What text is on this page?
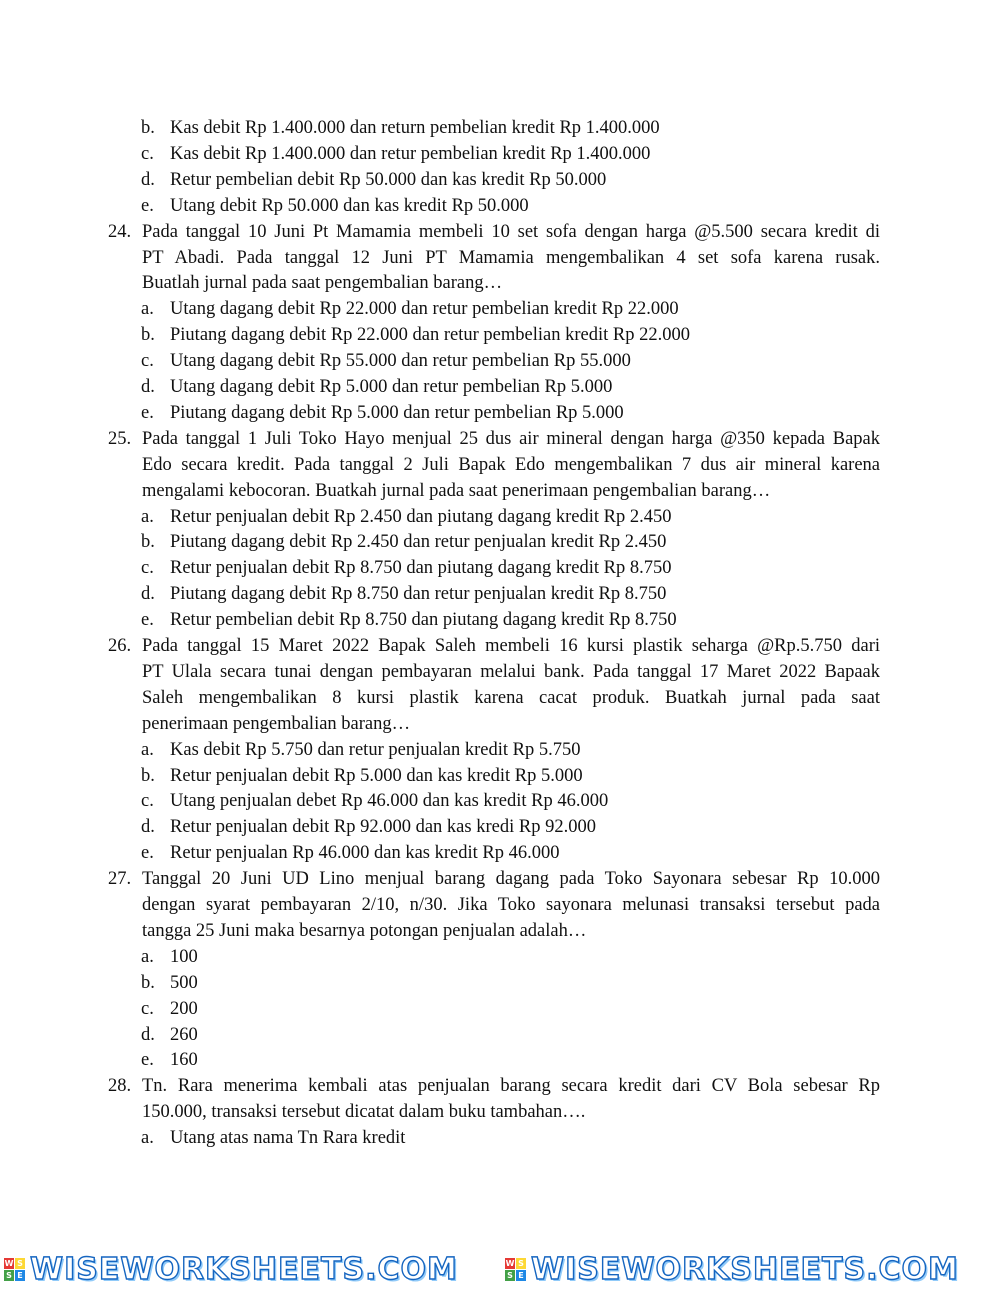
b. Kas debit Rp 1.400.000 dan return pembelian kredit Rp 1.400.000
c. Kas debit Rp 1.400.000 dan retur pembelian kredit Rp 1.400.000
d. Retur pembelian debit Rp 50.000 dan kas kredit Rp 50.000
e. Utang debit Rp 50.000 dan kas kredit Rp 50.000
24. Pada tanggal 10 Juni Pt Mamamia membeli 10 set sofa dengan harga @5.500 secara kredit di
PT Abadi. Pada tanggal 12 Juni PT Mamamia mengembalikan 4 set sofa karena rusak.
Buatlah jurnal pada saat pengembalian barang…
a. Utang dagang debit Rp 22.000 dan retur pembelian kredit Rp 22.000
b. Piutang dagang debit Rp 22.000 dan retur pembelian kredit Rp 22.000
c. Utang dagang debit Rp 55.000 dan retur pembelian Rp 55.000
d. Utang dagang debit Rp 5.000 dan retur pembelian Rp 5.000
e. Piutang dagang debit Rp 5.000 dan retur pembelian Rp 5.000
25. Pada tanggal 1 Juli Toko Hayo menjual 25 dus air mineral dengan harga @350 kepada Bapak
Edo secara kredit. Pada tanggal 2 Juli Bapak Edo mengembalikan 7 dus air mineral karena
mengalami kebocoran. Buatkah jurnal pada saat penerimaan pengembalian barang…
a. Retur penjualan debit Rp 2.450 dan piutang dagang kredit Rp 2.450
b. Piutang dagang debit Rp 2.450 dan retur penjualan kredit Rp 2.450
c. Retur penjualan debit Rp 8.750 dan piutang dagang kredit Rp 8.750
d. Piutang dagang debit Rp 8.750 dan retur penjualan kredit Rp 8.750
e. Retur pembelian debit Rp 8.750 dan piutang dagang kredit Rp 8.750
26. Pada tanggal 15 Maret 2022 Bapak Saleh membeli 16 kursi plastik seharga @Rp.5.750 dari
PT Ulala secara tunai dengan pembayaran melalui bank. Pada tanggal 17 Maret 2022 Bapaak
Saleh mengembalikan 8 kursi plastik karena cacat produk. Buatkah jurnal pada saat
penerimaan pengembalian barang…
a. Kas debit Rp 5.750 dan retur penjualan kredit Rp 5.750
b. Retur penjualan debit Rp 5.000 dan kas kredit Rp 5.000
c. Utang penjualan debet Rp 46.000 dan kas kredit Rp 46.000
d. Retur penjualan debit Rp 92.000 dan kas kredi Rp 92.000
e. Retur penjualan Rp 46.000 dan kas kredit Rp 46.000
27. Tanggal 20 Juni UD Lino menjual barang dagang pada Toko Sayonara sebesar Rp 10.000
dengan syarat pembayaran 2/10, n/30. Jika Toko sayonara melunasi transaksi tersebut pada
tangga 25 Juni maka besarnya potongan penjualan adalah…
a. 100
b. 500
c. 200
d. 260
e. 160
28. Tn. Rara menerima kembali atas penjualan barang secara kredit dari CV Bola sebesar Rp
150.000, transaksi tersebut dicatat dalam buku tambahan….
a. Utang atas nama Tn Rara kredit
W S
S E WISEWORKSHEETS.COM	W S
S E WISEWORKSHEETS.COM
